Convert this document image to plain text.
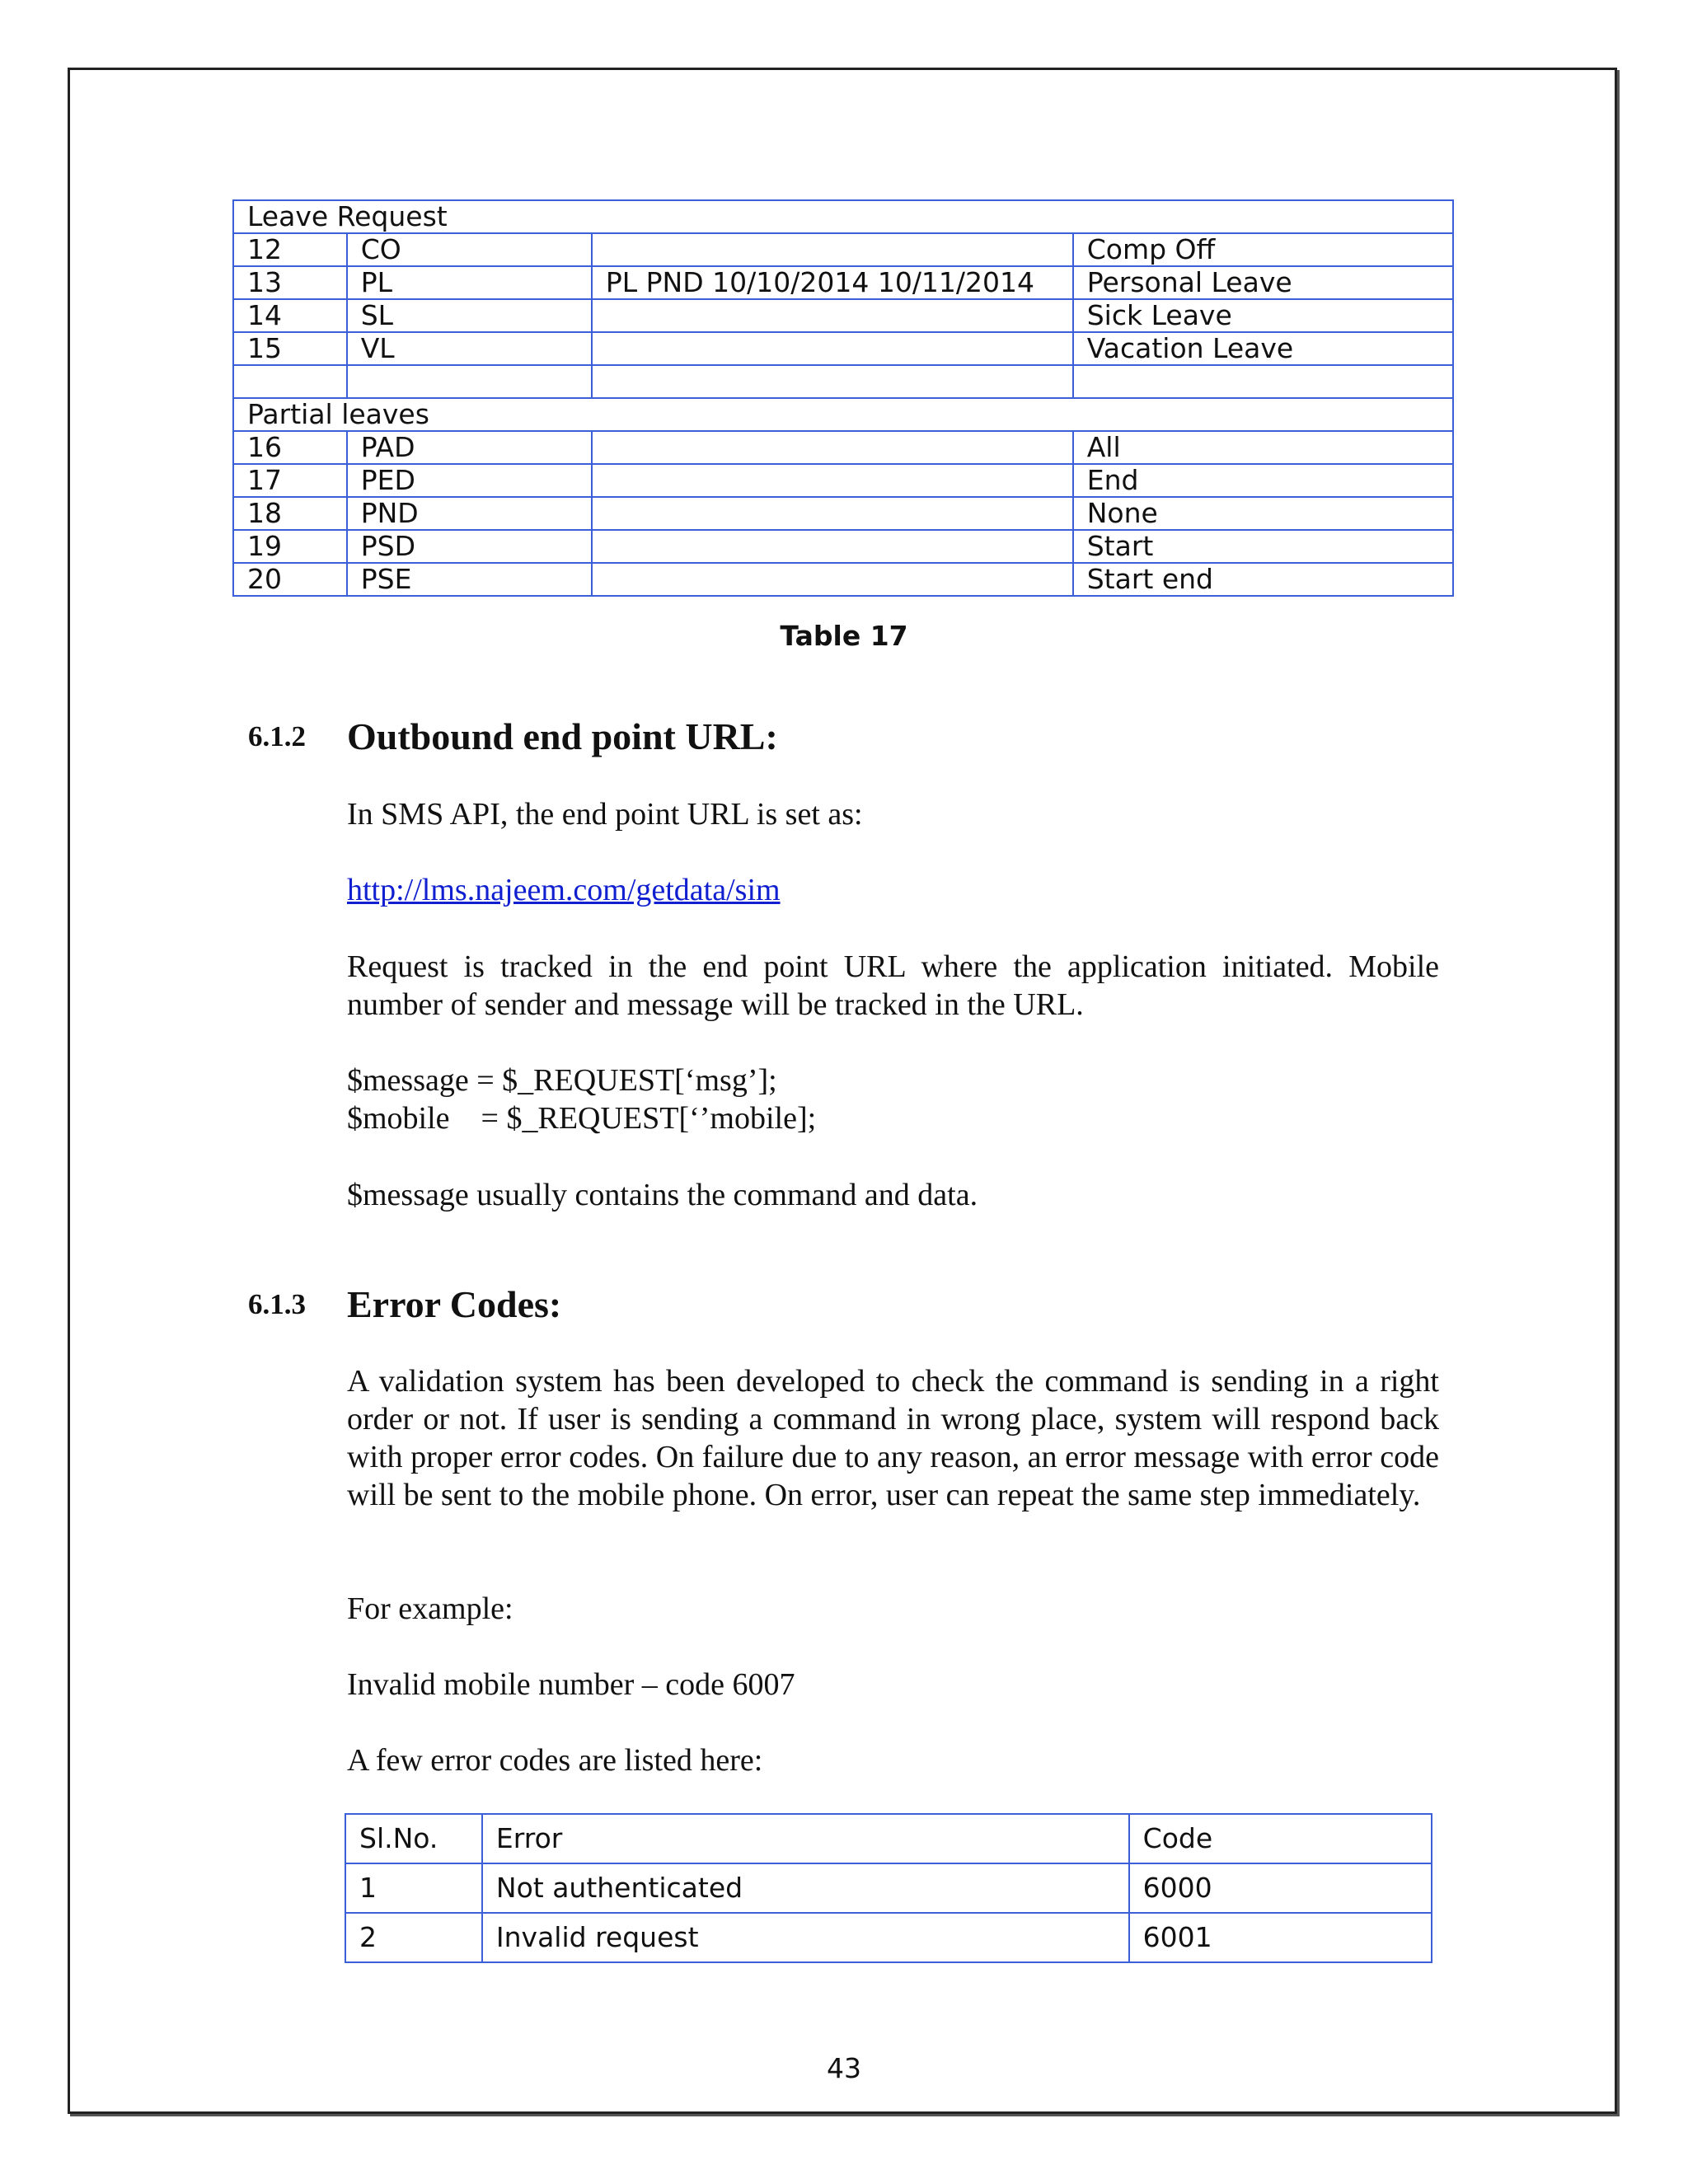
Leave Request			
12	CO		Comp Off
13	PL	PL PND 10/10/2014 10/11/2014	Personal Leave
14	SL		Sick Leave
15	VL		Vacation Leave

Partial leaves			
16	PAD		All
17	PED		End
18	PND		None
19	PSD		Start
20	PSE		Start end
Table 17
6.1.2 Outbound end point URL:

In SMS API, the end point URL is set as:

http://lms.najeem.com/getdata/sim

Request is tracked in the end point URL where the application initiated. Mobile number of sender and message will be tracked in the URL.

$message = $_REQUEST[‘msg’];

$mobile    = $_REQUEST[‘’mobile];

$message usually contains the command and data.

6.1.3 Error Codes:

A validation system has been developed to check the command is sending in a right order or not. If user is sending a command in wrong place, system will respond back with proper error codes. On failure due to any reason, an error message with error code will be sent to the mobile phone. On error, user can repeat the same step immediately.

For example:

Invalid mobile number – code 6007

A few error codes are listed here:

Sl.No.	Error	Code
1	Not authenticated	6000
2	Invalid request	6001
43
